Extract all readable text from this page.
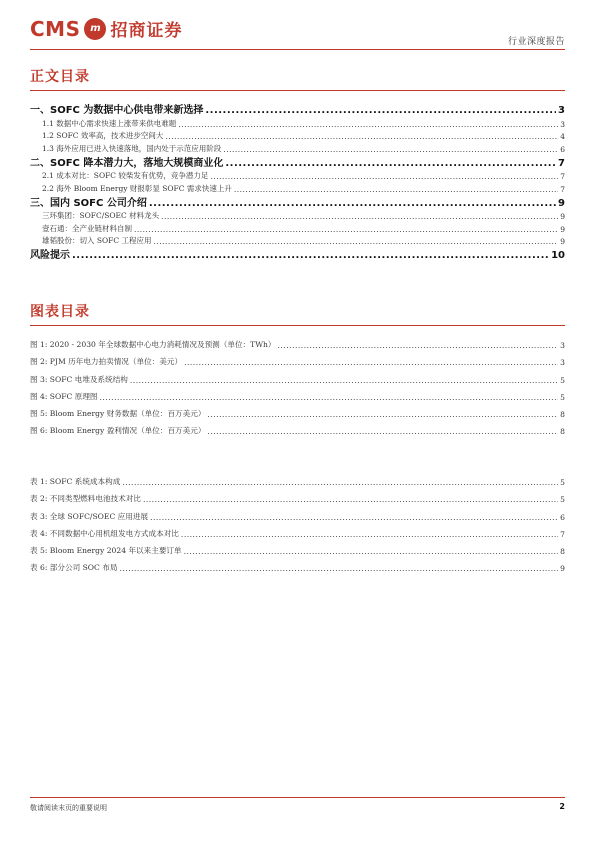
CMS m 招商证券
行业深度报告
正文目录
一、SOFC 为数据中心供电带来新选择 .....	3
1.1 数据中心需求快速上涨带来供电难题 .....	3
1.2 SOFC 效率高，技术进步空间大 .....	4
1.3 海外应用已进入快速落地，国内处于示范应用阶段 .....	6
二、SOFC 降本潜力大，落地大规模商业化 .....	7
2.1 成本对比：SOFC 较柴发有优势，竞争潜力足 .....	7
2.2 海外 Bloom Energy 财报彰显 SOFC 需求快速上升 .....	7
三、国内 SOFC 公司介绍 .....	9
三环集团：SOFC/SOEC 材料龙头 .....	9
壹石通：全产业链材料自制 .....	9
雄韬股份：切入 SOFC 工程应用 .....	9
风险提示 .....	10
图表目录
图 1: 2020 - 2030 年全球数据中心电力消耗情况及预测（单位：TWh） .....	3
图 2: PJM 历年电力拍卖情况（单位：美元） .....	3
图 3: SOFC 电堆及系统结构 .....	5
图 4: SOFC 原理图 .....	5
图 5: Bloom Energy 财务数据（单位：百万美元） .....	8
图 6: Bloom Energy 盈利情况（单位：百万美元） .....	8
表 1: SOFC 系统成本构成 .....	5
表 2: 不同类型燃料电池技术对比 .....	5
表 3: 全球 SOFC/SOEC 应用进展 .....	6
表 4: 不同数据中心用机组发电方式成本对比 .....	7
表 5: Bloom Energy 2024 年以来主要订单 .....	8
表 6: 部分公司 SOC 布局 .....	9
敬请阅读末页的重要说明	2
